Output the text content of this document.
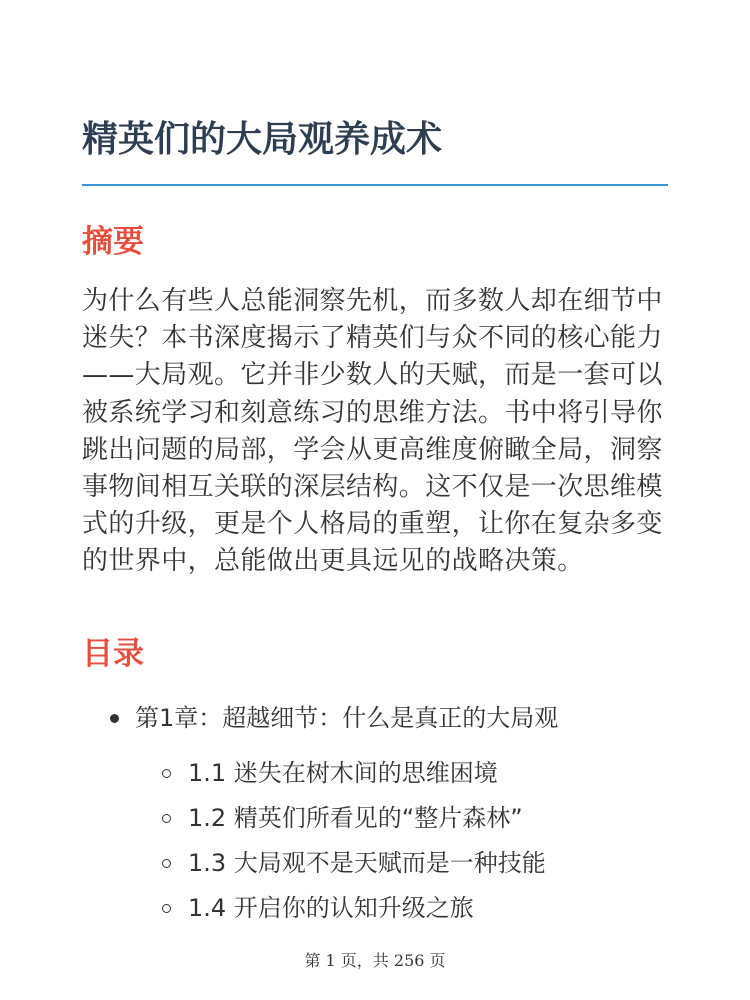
精英们的大局观养成术
摘要

为什么有些人总能洞察先机，而多数人却在细节中迷失？本书深度揭示了精英们与众不同的核心能力——大局观。它并非少数人的天赋，而是一套可以被系统学习和刻意练习的思维方法。书中将引导你跳出问题的局部，学会从更高维度俯瞰全局，洞察事物间相互关联的深层结构。这不仅是一次思维模式的升级，更是个人格局的重塑，让你在复杂多变的世界中，总能做出更具远见的战略决策。

目录
第1章：超越细节：什么是真正的大局观
1.1 迷失在树木间的思维困境
1.2 精英们所看见的“整片森林”
1.3 大局观不是天赋而是一种技能
1.4 开启你的认知升级之旅
第 1 页，共 256 页
